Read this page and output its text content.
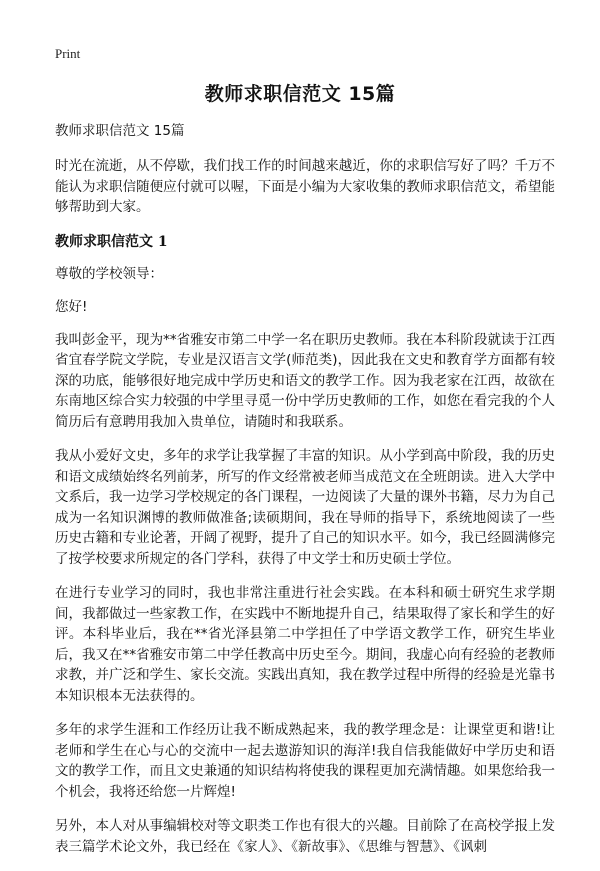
Print
教师求职信范文 15篇

教师求职信范文 15篇

时光在流逝，从不停歇，我们找工作的时间越来越近，你的求职信写好了吗？千万不能认为求职信随便应付就可以喔，下面是小编为大家收集的教师求职信范文，希望能够帮助到大家。

教师求职信范文 1

尊敬的学校领导：

您好!

我叫彭金平，现为**省雅安市第二中学一名在职历史教师。我在本科阶段就读于江西省宜春学院文学院，专业是汉语言文学(师范类)，因此我在文史和教育学方面都有较深的功底，能够很好地完成中学历史和语文的教学工作。因为我老家在江西，故欲在东南地区综合实力较强的中学里寻觅一份中学历史教师的工作，如您在看完我的个人简历后有意聘用我加入贵单位，请随时和我联系。

我从小爱好文史，多年的求学让我掌握了丰富的知识。从小学到高中阶段，我的历史和语文成绩始终名列前茅，所写的作文经常被老师当成范文在全班朗读。进入大学中文系后，我一边学习学校规定的各门课程，一边阅读了大量的课外书籍，尽力为自己成为一名知识渊博的教师做准备;读硕期间，我在导师的指导下，系统地阅读了一些历史古籍和专业论著，开阔了视野，提升了自己的知识水平。如今，我已经圆满修完了按学校要求所规定的各门学科，获得了中文学士和历史硕士学位。

在进行专业学习的同时，我也非常注重进行社会实践。在本科和硕士研究生求学期间，我都做过一些家教工作，在实践中不断地提升自己，结果取得了家长和学生的好评。本科毕业后，我在**省光泽县第二中学担任了中学语文教学工作，研究生毕业后，我又在**省雅安市第二中学任教高中历史至今。期间，我虚心向有经验的老教师求教，并广泛和学生、家长交流。实践出真知，我在教学过程中所得的经验是光靠书本知识根本无法获得的。

多年的求学生涯和工作经历让我不断成熟起来，我的教学理念是：让课堂更和谐!让老师和学生在心与心的交流中一起去遨游知识的海洋!我自信我能做好中学历史和语文的教学工作，而且文史兼通的知识结构将使我的课程更加充满情趣。如果您给我一个机会，我将还给您一片辉煌!

另外，本人对从事编辑校对等文职类工作也有很大的兴趣。目前除了在高校学报上发表三篇学术论文外，我已经在《家人》、《新故事》、《思维与智慧》、《讽刺
